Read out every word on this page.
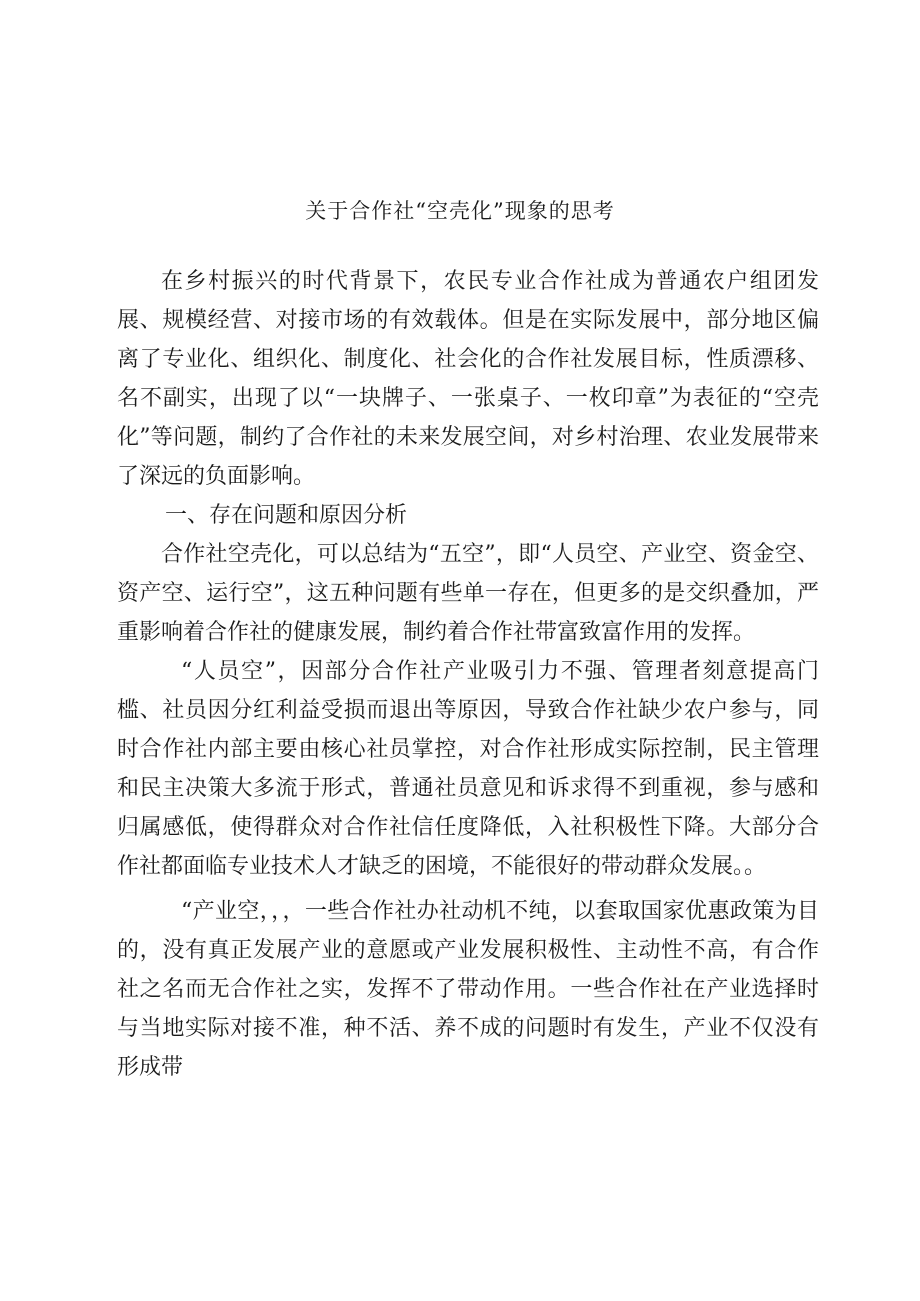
关于合作社“空壳化”现象的思考

在乡村振兴的时代背景下，农民专业合作社成为普通农户组团发展、规模经营、对接市场的有效载体。但是在实际发展中，部分地区偏离了专业化、组织化、制度化、社会化的合作社发展目标，性质漂移、名不副实，出现了以“一块牌子、一张桌子、一枚印章”为表征的“空壳化”等问题，制约了合作社的未来发展空间，对乡村治理、农业发展带来了深远的负面影响。

一、存在问题和原因分析

合作社空壳化，可以总结为“五空”，即“人员空、产业空、资金空、资产空、运行空”，这五种问题有些单一存在，但更多的是交织叠加，严重影响着合作社的健康发展，制约着合作社带富致富作用的发挥。

“人员空”，因部分合作社产业吸引力不强、管理者刻意提高门槛、社员因分红利益受损而退出等原因，导致合作社缺少农户参与，同时合作社内部主要由核心社员掌控，对合作社形成实际控制，民主管理和民主决策大多流于形式，普通社员意见和诉求得不到重视，参与感和归属感低，使得群众对合作社信任度降低，入社积极性下降。大部分合作社都面临专业技术人才缺乏的困境，不能很好的带动群众发展。。

“产业空，，，一些合作社办社动机不纯，以套取国家优惠政策为目的，没有真正发展产业的意愿或产业发展积极性、主动性不高，有合作社之名而无合作社之实，发挥不了带动作用。一些合作社在产业选择时与当地实际对接不准，种不活、养不成的问题时有发生，产业不仅没有形成带
